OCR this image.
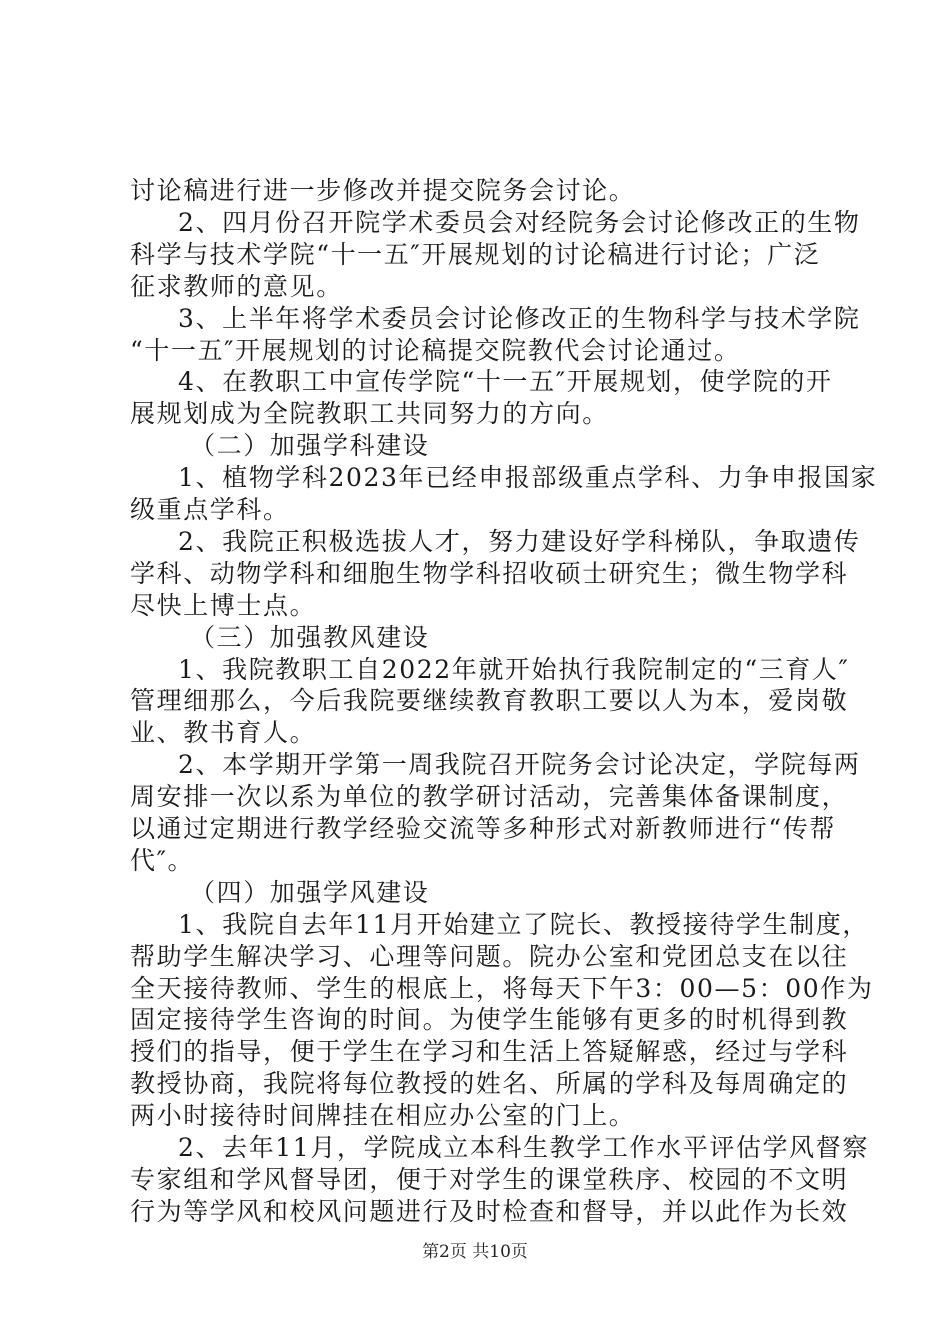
讨论稿进行进一步修改并提交院务会讨论。
2、四月份召开院学术委员会对经院务会讨论修改正的生物
科学与技术学院“十一五″开展规划的讨论稿进行讨论；广泛
征求教师的意见。
3、上半年将学术委员会讨论修改正的生物科学与技术学院
“十一五″开展规划的讨论稿提交院教代会讨论通过。
4、在教职工中宣传学院“十一五″开展规划，使学院的开
展规划成为全院教职工共同努力的方向。
（二）加强学科建设
1、植物学科2023年已经申报部级重点学科、力争申报国家
级重点学科。
2、我院正积极选拔人才，努力建设好学科梯队，争取遗传
学科、动物学科和细胞生物学科招收硕士研究生；微生物学科
尽快上博士点。
（三）加强教风建设
1、我院教职工自2022年就开始执行我院制定的“三育人″
管理细那么，今后我院要继续教育教职工要以人为本，爱岗敬
业、教书育人。
2、本学期开学第一周我院召开院务会讨论决定，学院每两
周安排一次以系为单位的教学研讨活动，完善集体备课制度，
以通过定期进行教学经验交流等多种形式对新教师进行“传帮
代″。
（四）加强学风建设
1、我院自去年11月开始建立了院长、教授接待学生制度，
帮助学生解决学习、心理等问题。院办公室和党团总支在以往
全天接待教师、学生的根底上，将每天下午3：00—5：00作为
固定接待学生咨询的时间。为使学生能够有更多的时机得到教
授们的指导，便于学生在学习和生活上答疑解惑，经过与学科
教授协商，我院将每位教授的姓名、所属的学科及每周确定的
两小时接待时间牌挂在相应办公室的门上。
2、去年11月，学院成立本科生教学工作水平评估学风督察
专家组和学风督导团，便于对学生的课堂秩序、校园的不文明
行为等学风和校风问题进行及时检查和督导，并以此作为长效
第2页 共10页
